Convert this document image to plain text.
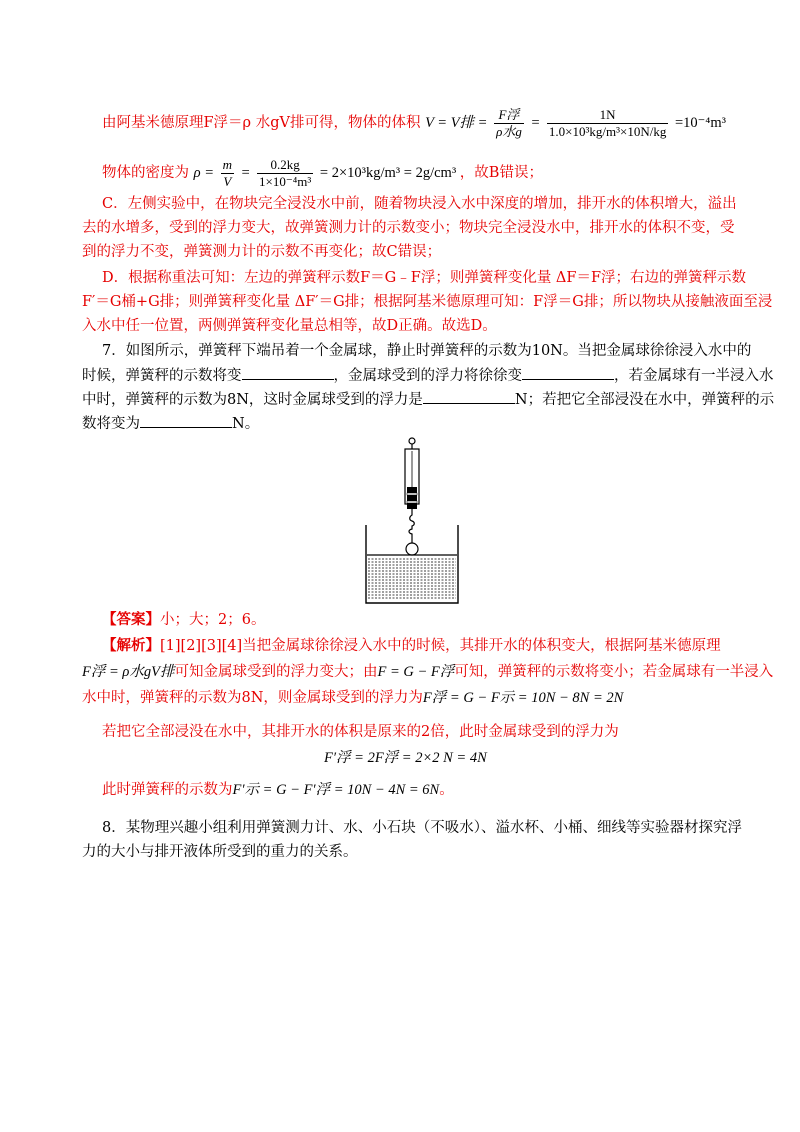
由阿基米德原理F浮＝ρ 水gV排可得，物体的体积 V = V排 = $\frac{\text{F浮}}{\text{ρ水g}} = \frac{1N}{\text{1.0×10³kg/m³×10N/kg}} =10^{-4}m^3$
物体的密度为 $\rho = \frac{m}{V} = \frac{0.2kg}{\text{1×10⁻⁴m³}} = 2\times 10^3kg/m^3 = 2g/cm^3$ ，故B错误；
C．左侧实验中，在物块完全浸没水中前，随着物块浸入水中深度的增加，排开水的体积增大，溢出
去的水增多，受到的浮力变大，故弹簧测力计的示数变小；物块完全浸没水中，排开水的体积不变，受
到的浮力不变，弹簧测力计的示数不再变化；故C错误；
D．根据称重法可知：左边的弹簧秤示数F＝G﹣F浮；则弹簧秤变化量 ΔF＝F浮；右边的弹簧秤示数
F′＝G桶+G排；则弹簧秤变化量 ΔF′＝G排；根据阿基米德原理可知：F浮＝G排；所以物块从接触液面至浸
入水中任一位置，两侧弹簧秤变化量总相等，故D正确。故选D。
7．如图所示，弹簧秤下端吊着一个金属球，静止时弹簧秤的示数为10N。当把金属球徐徐浸入水中的
时候，弹簧秤的示数将变	，金属球受到的浮力将徐徐变	，若金属球有一半浸入水
中时，弹簧秤的示数为8N，这时金属球受到的浮力是	N；若把它全部浸没在水中，弹簧秤的示
数将变为	N。
【答案】小；大；2；6。
【解析】[1][2][3][4]当把金属球徐徐浸入水中的时候，其排开水的体积变大，根据阿基米德原理
F浮 = ρ水gV排可知金属球受到的浮力变大；由F = G − F浮可知，弹簧秤的示数将变小；若金属球有一半浸入
水中时，弹簧秤的示数为8N，则金属球受到的浮力为F浮 = G − F示 = 10N − 8N = 2N
若把它全部浸没在水中，其排开水的体积是原来的2倍，此时金属球受到的浮力为
F′浮 = 2F浮 = 2×2 N = 4N
此时弹簧秤的示数为F′示 = G − F′浮 = 10N − 4N = 6N。
8．某物理兴趣小组利用弹簧测力计、水、小石块（不吸水）、溢水杯、小桶、细线等实验器材探究浮
力的大小与排开液体所受到的重力的关系。
